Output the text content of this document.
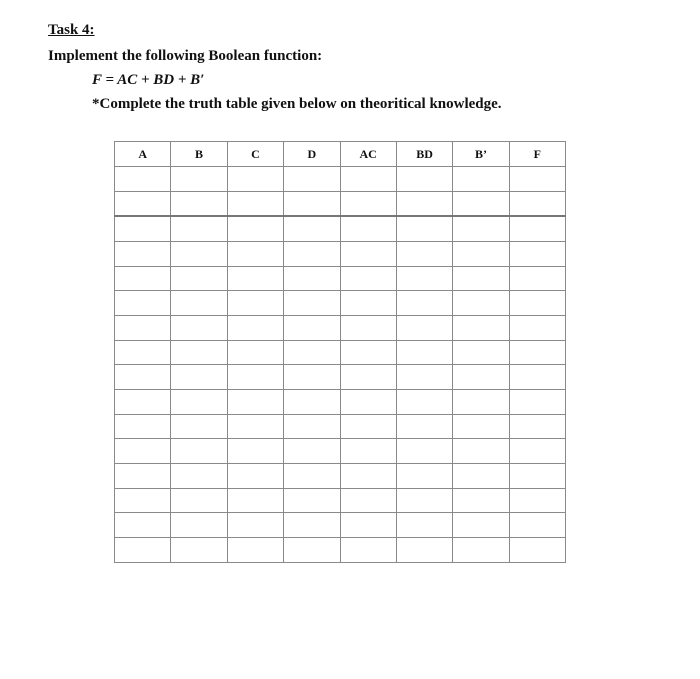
Task 4:
Implement the following Boolean function:
F = AC + BD + B′
*Complete the truth table given below on theoritical knowledge.
A	B	C	D	AC	BD	B’	F
